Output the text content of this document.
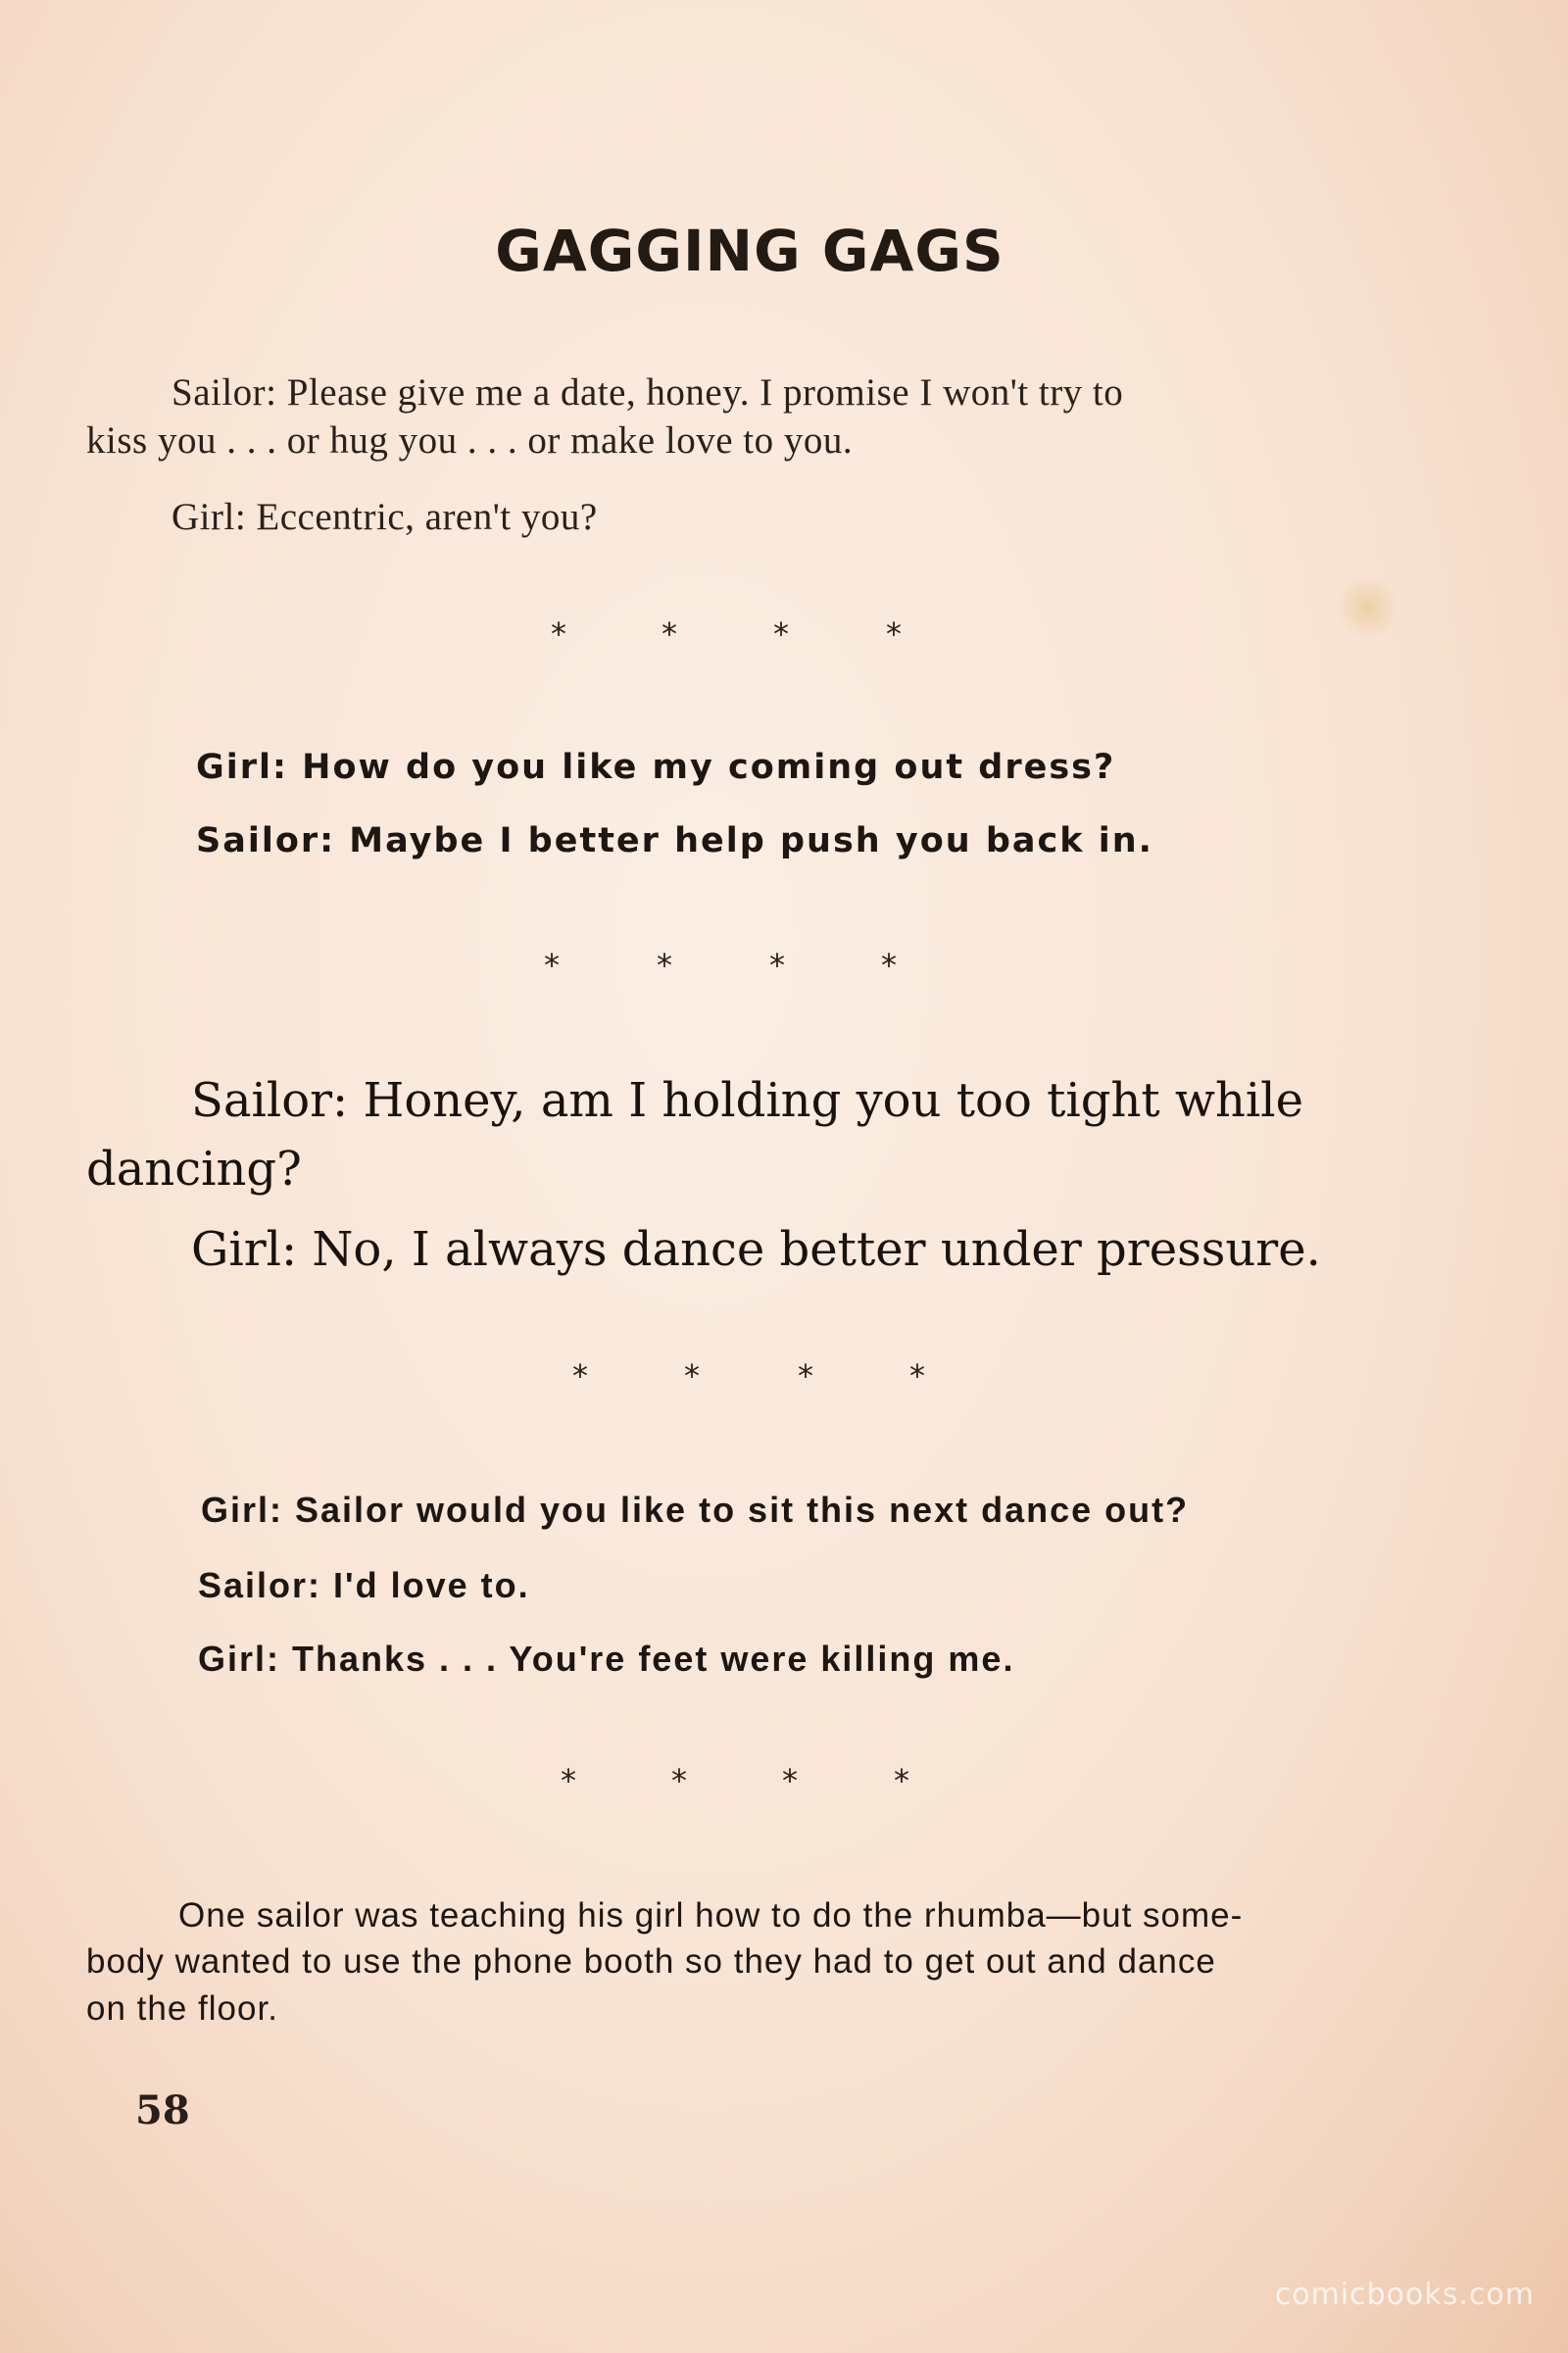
GAGGING GAGS
Sailor: Please give me a date, honey. I promise I won't try to
kiss you . . . or hug you . . . or make love to you.
Girl: Eccentric, aren't you?
*	*	*	*
Girl: How do you like my coming out dress?
Sailor: Maybe I better help push you back in.
*	*	*	*
Sailor: Honey, am I holding you too tight while
dancing?
Girl: No, I always dance better under pressure.
*	*	*	*
Girl: Sailor would you like to sit this next dance out?
Sailor: I'd love to.
Girl: Thanks . . . You're feet were killing me.
*	*	*	*
One sailor was teaching his girl how to do the rhumba—but some-
body wanted to use the phone booth so they had to get out and dance
on the floor.
58
comicbooks.com
